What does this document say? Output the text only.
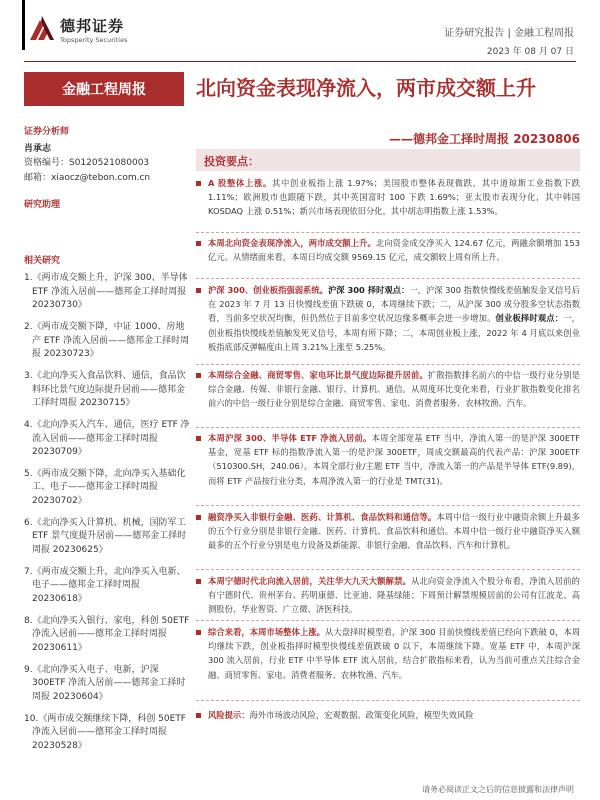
德邦证券
Topsperity Securities
证券研究报告 | 金融工程周报
2023 年 08 月 07 日
金融工程周报
证券分析师
肖承志
资格编号：S0120521080003
邮箱：xiaocz@tebon.com.cn
研究助理
相关研究
1.《两市成交额上升，沪深 300、半导体 ETF 净流入居前——德邦金工择时周报 20230730》
2.《两市成交额下降，中证 1000、房地产 ETF 净流入居前——德邦金工择时周报 20230723》
3.《北向净买入食品饮料、通信，食品饮料环比景气度边际提升居前——德邦金工择时周报 20230715》
4.《北向净买入汽车、通信，医疗 ETF 净流入居前——德邦金工择时周报 20230709》
5.《两市成交额下降，北向净买入基础化工、电子——德邦金工择时周报 20230702》
6.《北向净买入计算机、机械，国防军工 ETF 景气度提升居前——德邦金工择时周报 20230625》
7.《两市成交额上升，北向净买入电新、电子——德邦金工择时周报 20230618》
8.《北向净买入银行、家电，科创 50ETF 净流入居前——德邦金工择时周报 20230611》
9.《北向净买入电子、电新，沪深 300ETF 净流入居前——德邦金工择时周报 20230604》
10.《两市成交额继续下降，科创 50ETF 净流入居前——德邦金工择时周报 20230528》
北向资金表现净流入，两市成交额上升
——德邦金工择时周报 20230806
投资要点：
A 股整体上涨。其中创业板指上涨 1.97%；美国股市整体表现微跌，其中道琼斯工业指数下跌 1.11%；欧洲股市也跟随下跌，其中英国富时 100 下跌 1.69%；亚太股市表现分化，其中韩国 KOSDAQ 上涨 0.51%；新兴市场表现依旧分化，其中胡志明指数上涨 1.53%。
本周北向资金表现净流入，两市成交额上升。北向资金成交净买入 124.67 亿元，两融余额增加 153 亿元。从情绪面来看，本周日均成交额 9569.15 亿元，成交额较上周有所上升。
沪深 300、创业板指强弱系统。沪深 300 择时观点：一，沪深 300 指数快慢线差值触发金叉信号后在 2023 年 7 月 13 日快慢线差值下跌破 0，本周继续下跌；二，从沪深 300 成分股多空状态指数看，当前多空状况均衡，但仍然位于目前多空状况边缘多概率会进一步增加。创业板择时观点：一，创业板指快慢线差值触发死叉信号，本周有所下降；二，本周创业板上涨，2022 年 4 月底以来创业板指底部反弹幅度由上周 3.21%上涨至 5.25%。
本周综合金融、商贸零售、家电环比景气度边际提升居前。扩散指数排名前六的中信一级行业分别是综合金融、传媒、非银行金融、银行、计算机、通信。从周度环比变化来看，行业扩散指数变化排名前六的中信一级行业分别是综合金融、商贸零售、家电、消费者服务、农林牧渔、汽车。
本周沪深 300、半导体 ETF 净流入居前。本周全部宽基 ETF 当中，净流入第一的是沪深 300ETF 基金，宽基 ETF 标的指数净流入第一的是沪深 300ETF，周成交额最高的代表产品：沪深 300ETF（510300.SH，240.06）。本周全部行业/主题 ETF 当中，净流入第一的产品是半导体 ETF(9.89)，而将 ETF 产品按行业分类，本周净流入第一的行业是 TMT(31)。
融资净买入非银行金融、医药、计算机、食品饮料和通信等。本周中信一级行业中融资余额上升最多的五个行业分别是非银行金融、医药、计算机、食品饮料和通信。本周中信一级行业中融资净买入额最多的五个行业分别是电力设备及新能源、非银行金融、食品饮料、汽车和计算机。
本周宁德时代北向流入居前，关注华大九天大额解禁。从北向资金净流入个股分布看，净流入居前的有宁德时代、贵州茅台、药明康德、比亚迪、隆基绿能；下周预计解禁规模居前的公司有江波龙、高测股份、华业智资、广立微、济医科技。
综合来看，本周市场整体上涨。从大盘择时模型看，沪深 300 目前快慢线差值已经向下跌破 0，本周均继续下跌，创业板指择时模型快慢线差值跌破 0 以下，本周继续下降。宽基 ETF 中，本周沪深 300 流入居前，行业 ETF 中半导体 ETF 流入居前，结合扩散指标来看，认为当前可重点关注综合金融、商贸零售、家电、消费者服务、农林牧渔、汽车。
风险提示：海外市场波动风险，宏观数据、政策变化风险，模型失效风险
请务必阅读正文之后的信息披露和法律声明
